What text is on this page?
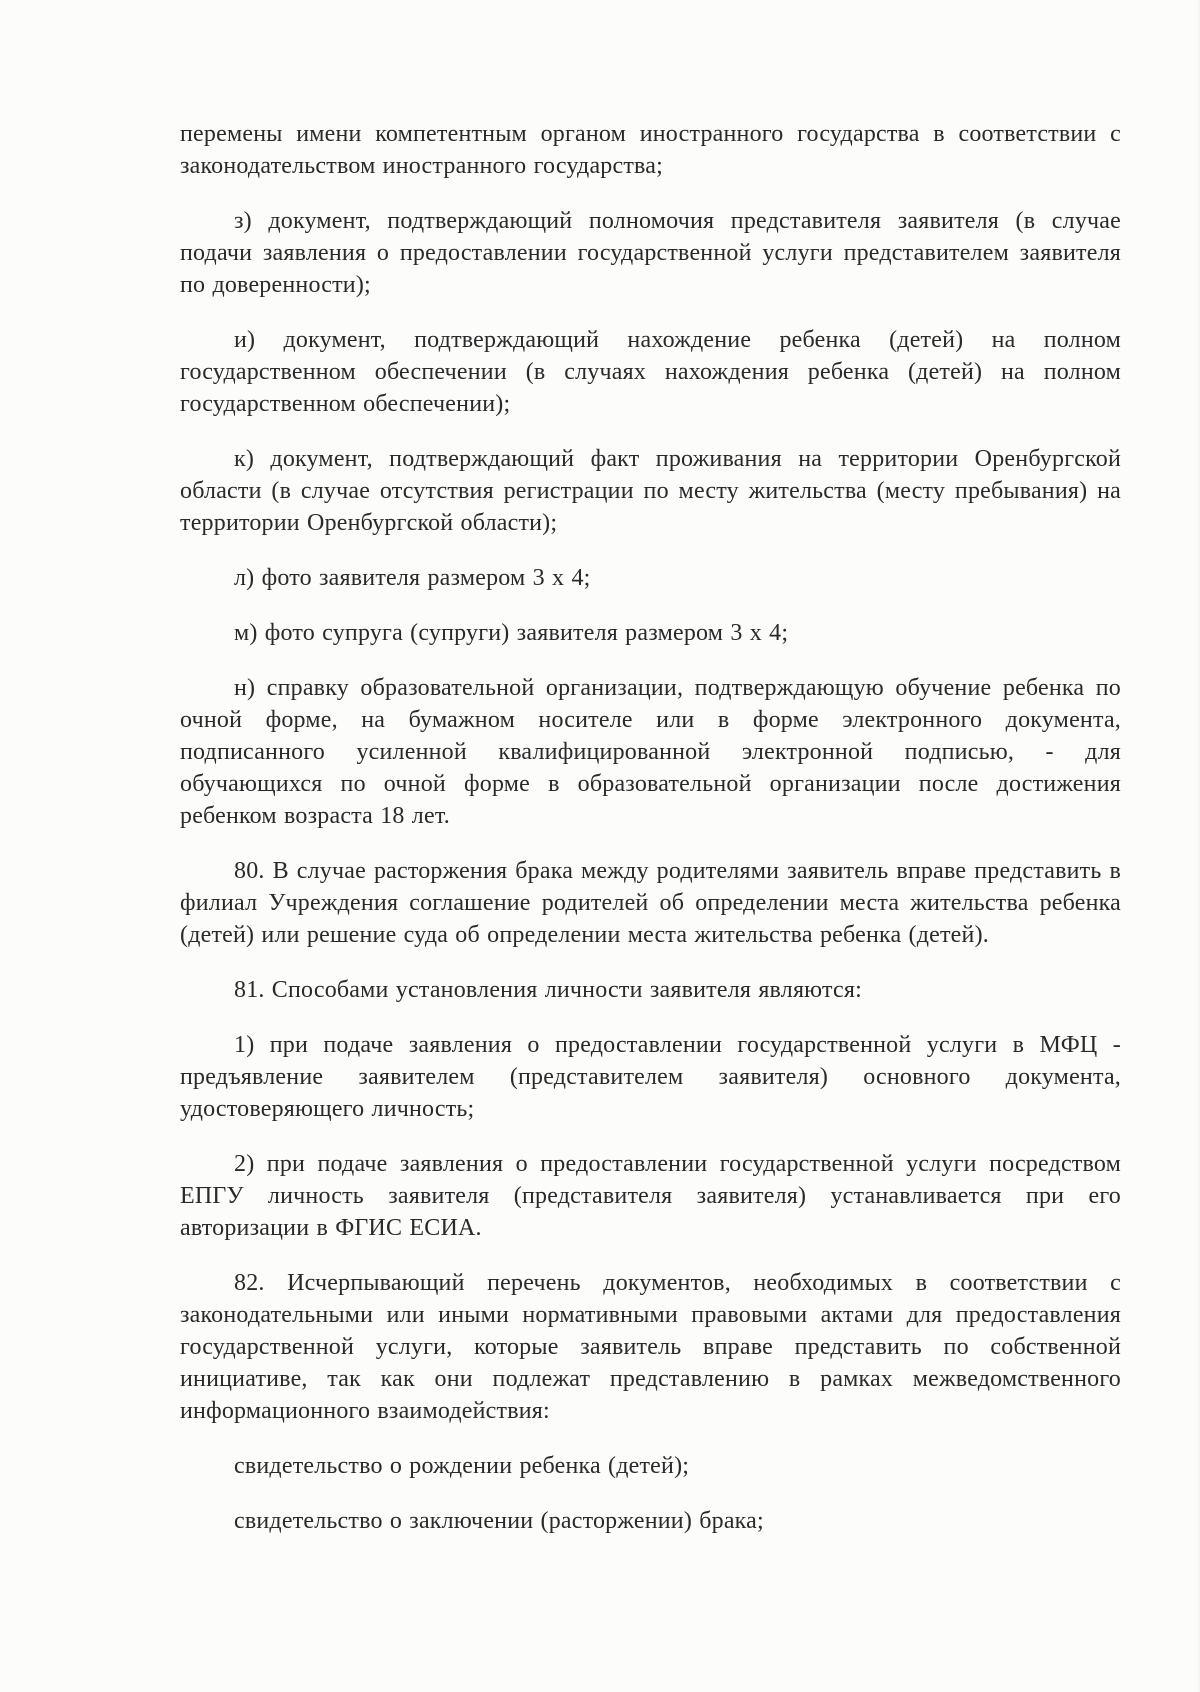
перемены имени компетентным органом иностранного государства в соответствии с законодательством иностранного государства;

з) документ, подтверждающий полномочия представителя заявителя (в случае подачи заявления о предоставлении государственной услуги представителем заявителя по доверенности);

и) документ, подтверждающий нахождение ребенка (детей) на полном государственном обеспечении (в случаях нахождения ребенка (детей) на полном государственном обеспечении);

к) документ, подтверждающий факт проживания на территории Оренбургской области (в случае отсутствия регистрации по месту жительства (месту пребывания) на территории Оренбургской области);

л) фото заявителя размером 3 х 4;

м) фото супруга (супруги) заявителя размером 3 х 4;

н) справку образовательной организации, подтверждающую обучение ребенка по очной форме, на бумажном носителе или в форме электронного документа, подписанного усиленной квалифицированной электронной подписью, - для обучающихся по очной форме в образовательной организации после достижения ребенком возраста 18 лет.

80. В случае расторжения брака между родителями заявитель вправе представить в филиал Учреждения соглашение родителей об определении места жительства ребенка (детей) или решение суда об определении места жительства ребенка (детей).

81. Способами установления личности заявителя являются:

1) при подаче заявления о предоставлении государственной услуги в МФЦ - предъявление заявителем (представителем заявителя) основного документа, удостоверяющего личность;

2) при подаче заявления о предоставлении государственной услуги посредством ЕПГУ личность заявителя (представителя заявителя) устанавливается при его авторизации в ФГИС ЕСИА.

82. Исчерпывающий перечень документов, необходимых в соответствии с законодательными или иными нормативными правовыми актами для предоставления государственной услуги, которые заявитель вправе представить по собственной инициативе, так как они подлежат представлению в рамках межведомственного информационного взаимодействия:

свидетельство о рождении ребенка (детей);

свидетельство о заключении (расторжении) брака;
